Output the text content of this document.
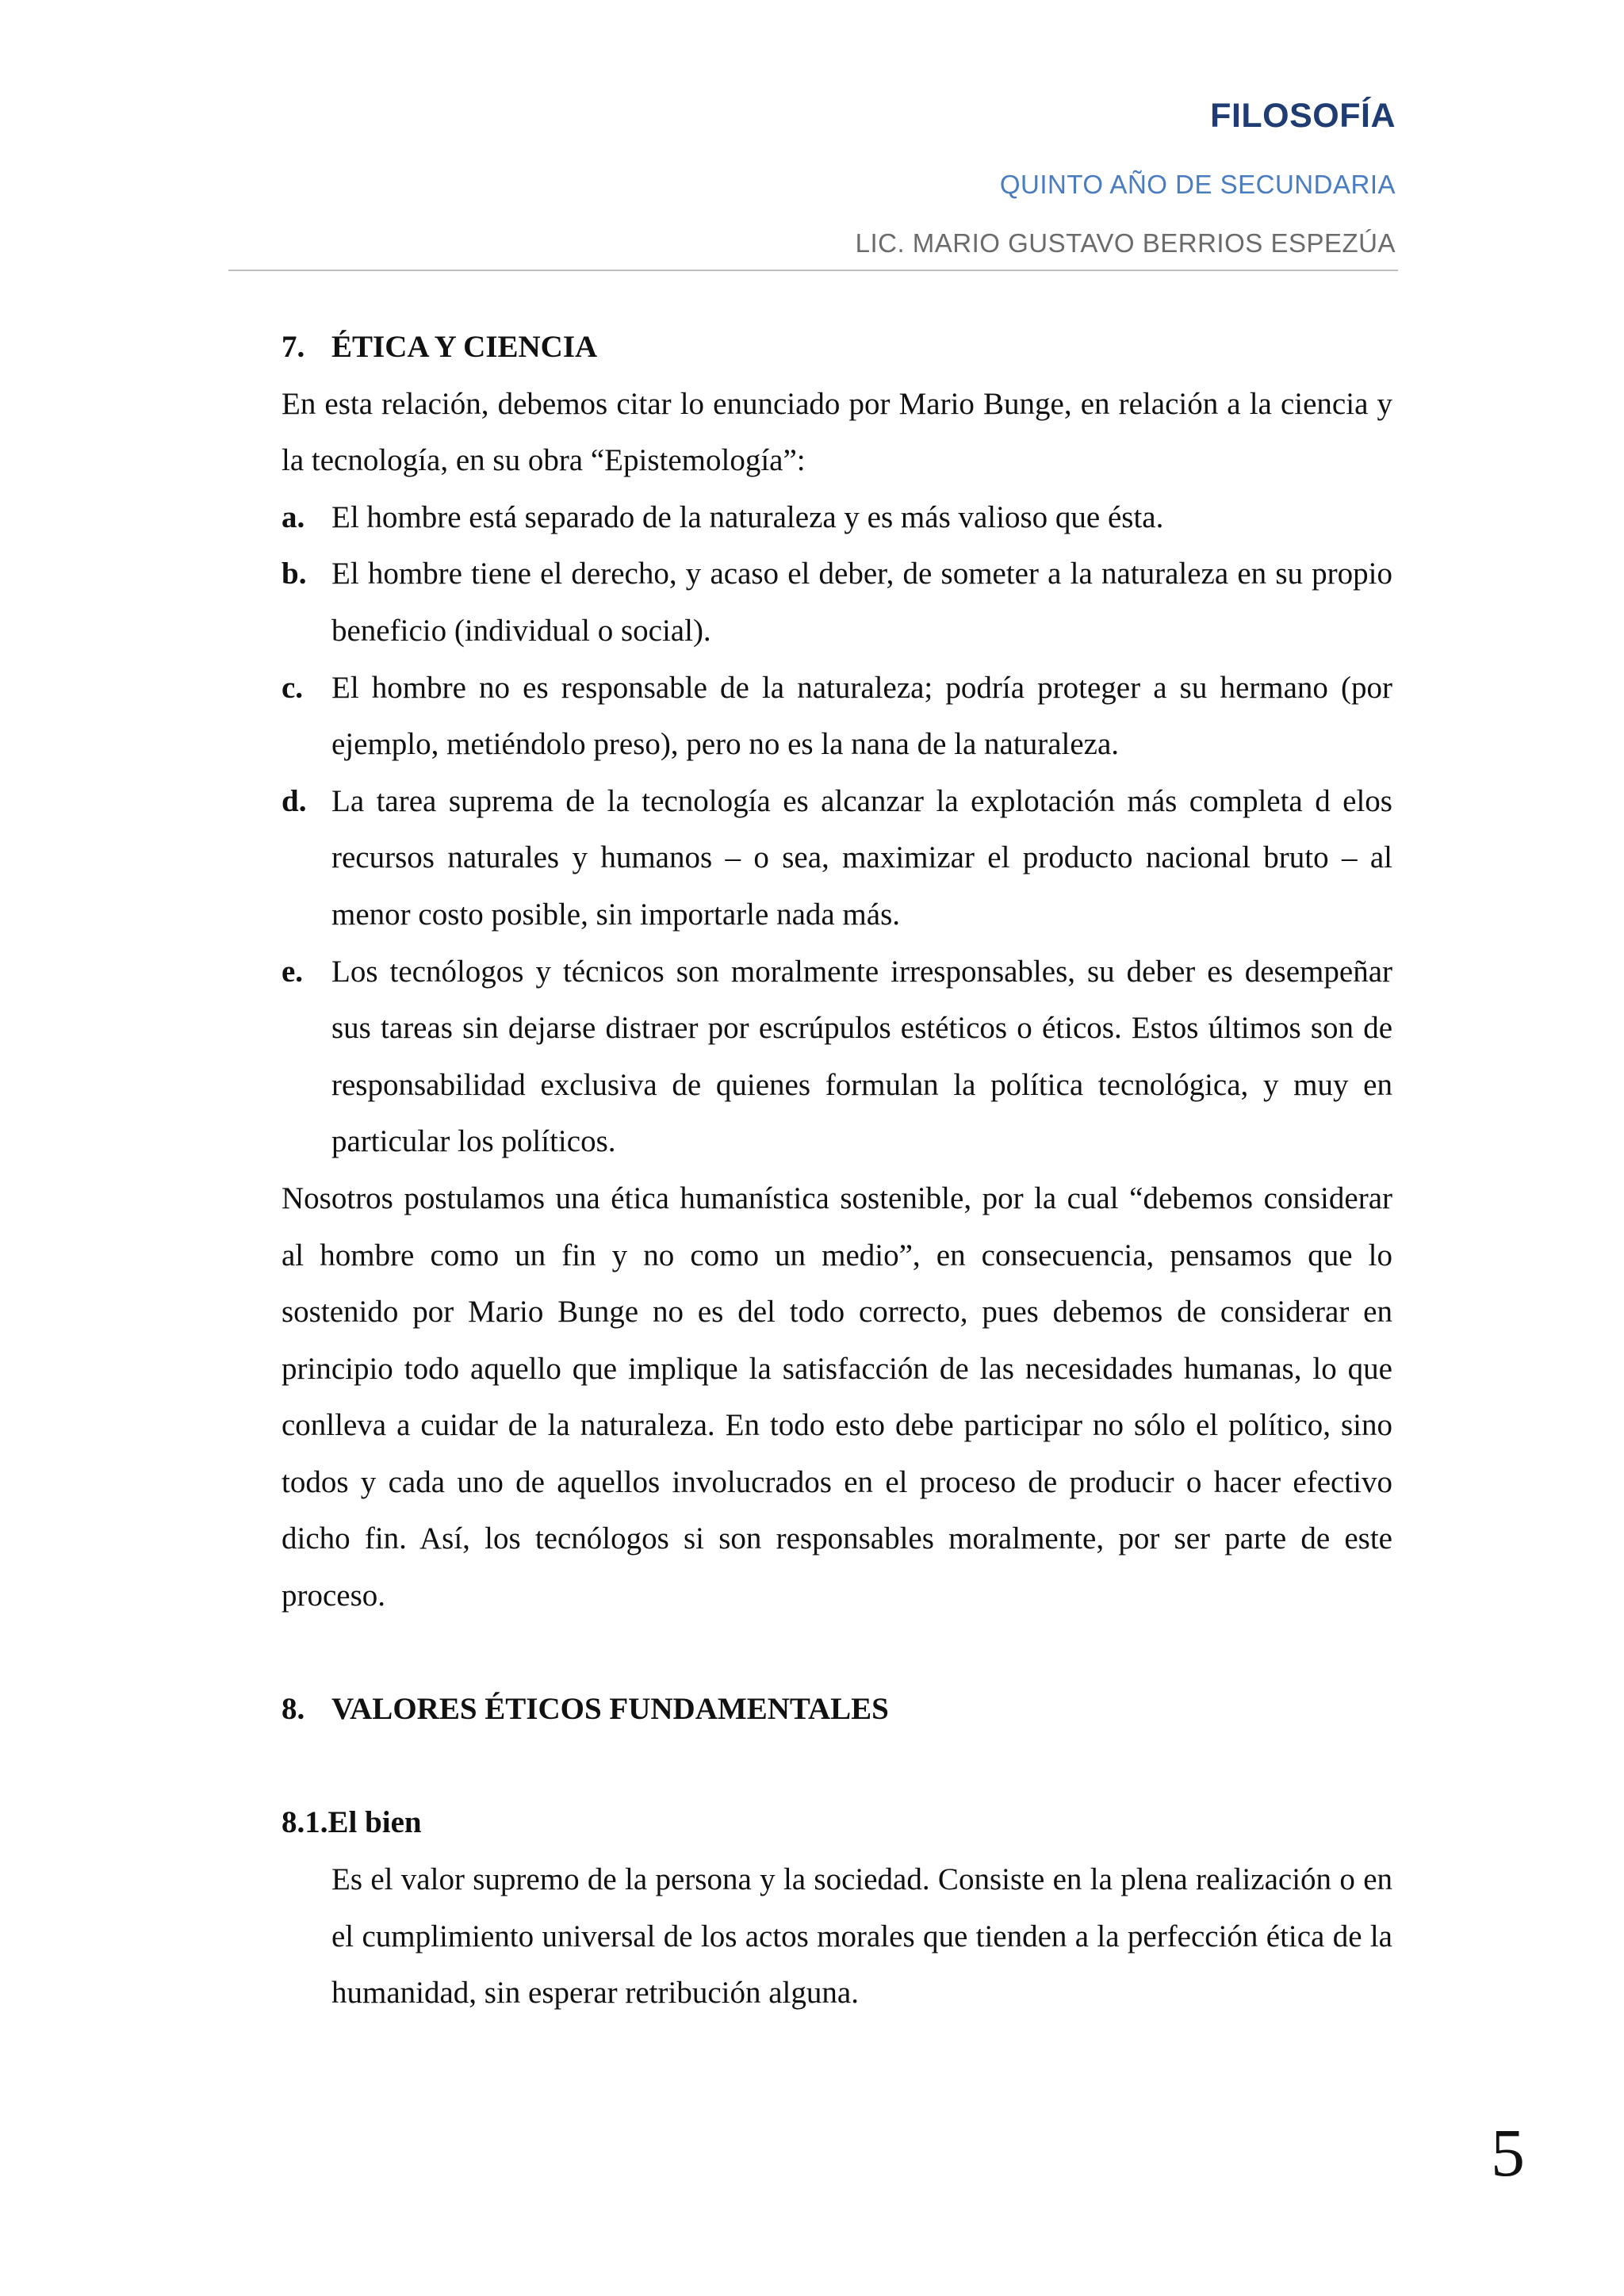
FILOSOFÍA
QUINTO AÑO DE SECUNDARIA
LIC. MARIO GUSTAVO BERRIOS ESPEZÚA
7. ÉTICA Y CIENCIA

En esta relación, debemos citar lo enunciado por Mario Bunge, en relación a la ciencia y la tecnología, en su obra “Epistemología”:

a. El hombre está separado de la naturaleza y es más valioso que ésta.
b. El hombre tiene el derecho, y acaso el deber, de someter a la naturaleza en su propio beneficio (individual o social).
c. El hombre no es responsable de la naturaleza; podría proteger a su hermano (por ejemplo, metiéndolo preso), pero no es la nana de la naturaleza.
d. La tarea suprema de la tecnología es alcanzar la explotación más completa d elos recursos naturales y humanos – o sea, maximizar el producto nacional bruto – al menor costo posible, sin importarle nada más.
e. Los tecnólogos y técnicos son moralmente irresponsables, su deber es desempeñar sus tareas sin dejarse distraer por escrúpulos estéticos o éticos. Estos últimos son de responsabilidad exclusiva de quienes formulan la política tecnológica, y muy en particular los políticos.

Nosotros postulamos una ética humanística sostenible, por la cual “debemos considerar al hombre como un fin y no como un medio”, en consecuencia, pensamos que lo sostenido por Mario Bunge no es del todo correcto, pues debemos de considerar en principio todo aquello que implique la satisfacción de las necesidades humanas, lo que conlleva a cuidar de la naturaleza. En todo esto debe participar no sólo el político, sino todos y cada uno de aquellos involucrados en el proceso de producir o hacer efectivo dicho fin. Así, los tecnólogos si son responsables moralmente, por ser parte de este proceso.

8. VALORES ÉTICOS FUNDAMENTALES
8.1.El bien

Es el valor supremo de la persona y la sociedad. Consiste en la plena realización o en el cumplimiento universal de los actos morales que tienden a la perfección ética de la humanidad, sin esperar retribución alguna.

5
